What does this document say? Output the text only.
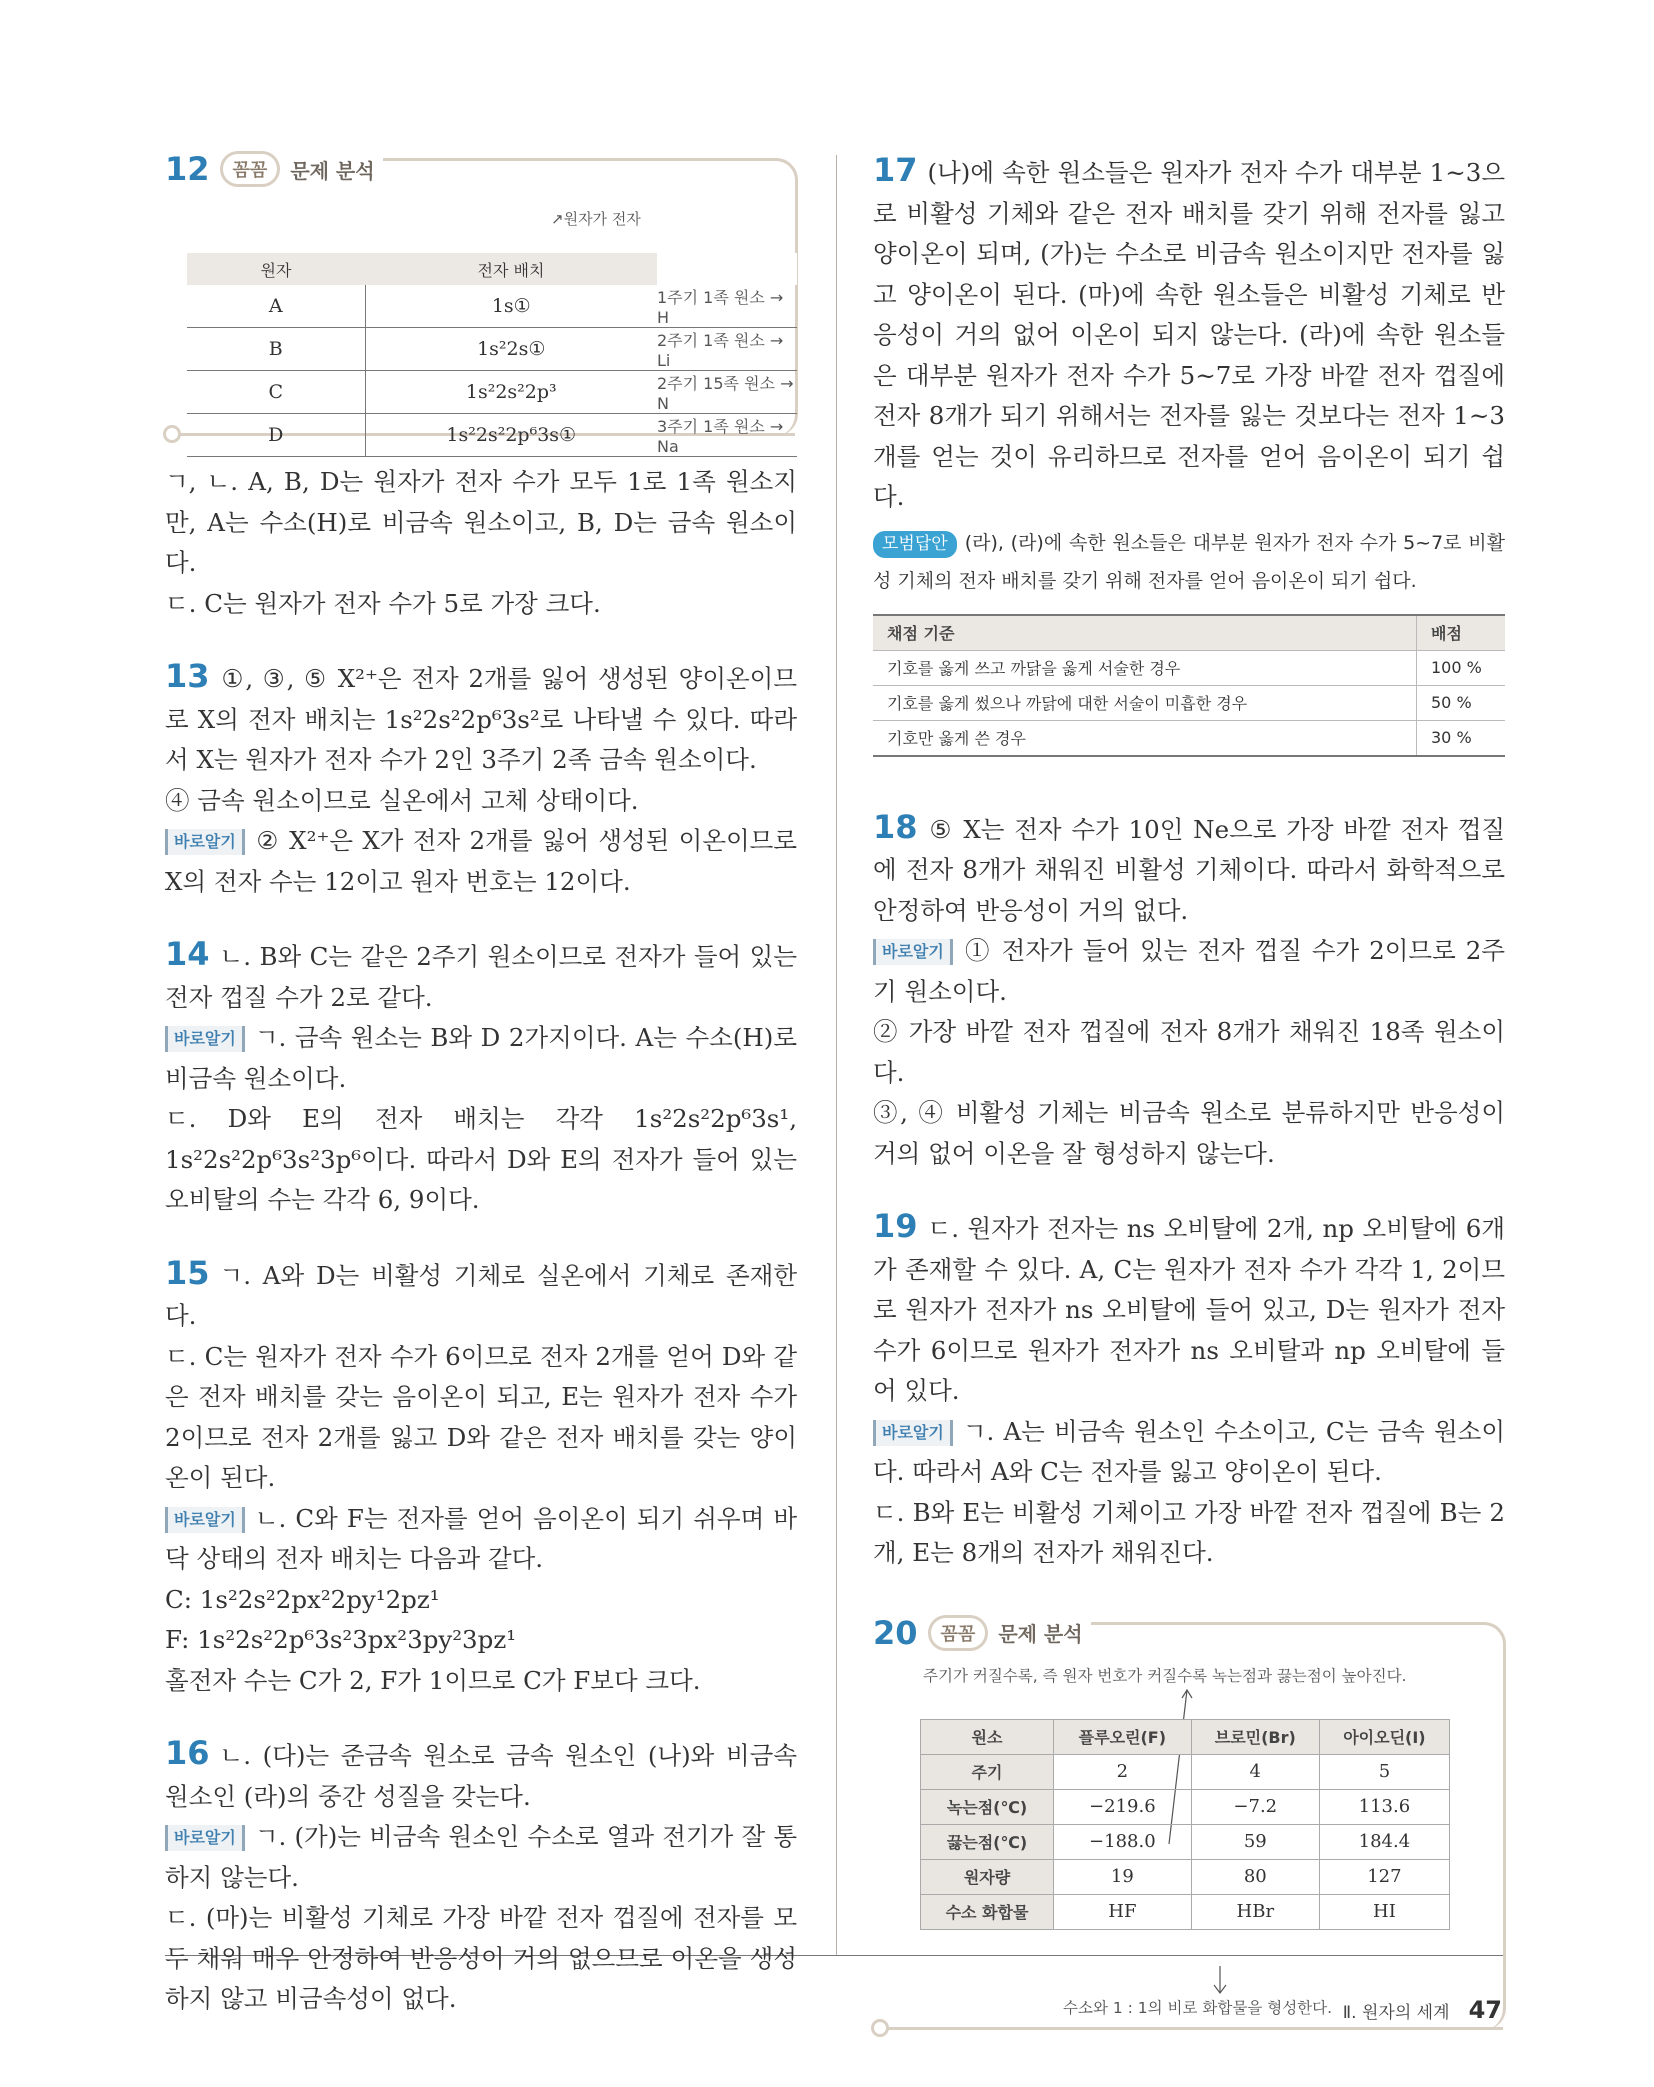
12	꼼꼼	문제 분석
↗원자가 전자
원자	전자 배치	
A	1s①	1주기 1족 원소 → H
B	1s²2s①	2주기 1족 원소 → Li
C	1s²2s²2p³	2주기 15족 원소 → N
D	1s²2s²2p⁶3s①	3주기 1족 원소 → Na

ㄱ, ㄴ. A, B, D는 원자가 전자 수가 모두 1로 1족 원소지만, A는 수소(H)로 비금속 원소이고, B, D는 금속 원소이다.

ㄷ. C는 원자가 전자 수가 5로 가장 크다.

13 ①, ③, ⑤ X²⁺은 전자 2개를 잃어 생성된 양이온이므로 X의 전자 배치는 1s²2s²2p⁶3s²로 나타낼 수 있다. 따라서 X는 원자가 전자 수가 2인 3주기 2족 금속 원소이다.

④ 금속 원소이므로 실온에서 고체 상태이다.

바로알기 ② X²⁺은 X가 전자 2개를 잃어 생성된 이온이므로 X의 전자 수는 12이고 원자 번호는 12이다.

14 ㄴ. B와 C는 같은 2주기 원소이므로 전자가 들어 있는 전자 껍질 수가 2로 같다.

바로알기 ㄱ. 금속 원소는 B와 D 2가지이다. A는 수소(H)로 비금속 원소이다.

ㄷ. D와 E의 전자 배치는 각각 1s²2s²2p⁶3s¹, 1s²2s²2p⁶3s²3p⁶이다. 따라서 D와 E의 전자가 들어 있는 오비탈의 수는 각각 6, 9이다.

15 ㄱ. A와 D는 비활성 기체로 실온에서 기체로 존재한다.

ㄷ. C는 원자가 전자 수가 6이므로 전자 2개를 얻어 D와 같은 전자 배치를 갖는 음이온이 되고, E는 원자가 전자 수가 2이므로 전자 2개를 잃고 D와 같은 전자 배치를 갖는 양이온이 된다.

바로알기 ㄴ. C와 F는 전자를 얻어 음이온이 되기 쉬우며 바닥 상태의 전자 배치는 다음과 같다.

C: 1s²2s²2px²2py¹2pz¹

F: 1s²2s²2p⁶3s²3px²3py²3pz¹

홀전자 수는 C가 2, F가 1이므로 C가 F보다 크다.

16 ㄴ. (다)는 준금속 원소로 금속 원소인 (나)와 비금속 원소인 (라)의 중간 성질을 갖는다.

바로알기 ㄱ. (가)는 비금속 원소인 수소로 열과 전기가 잘 통하지 않는다.

ㄷ. (마)는 비활성 기체로 가장 바깥 전자 껍질에 전자를 모두 채워 매우 안정하여 반응성이 거의 없으므로 이온을 생성하지 않고 비금속성이 없다.

17 (나)에 속한 원소들은 원자가 전자 수가 대부분 1~3으로 비활성 기체와 같은 전자 배치를 갖기 위해 전자를 잃고 양이온이 되며, (가)는 수소로 비금속 원소이지만 전자를 잃고 양이온이 된다. (마)에 속한 원소들은 비활성 기체로 반응성이 거의 없어 이온이 되지 않는다. (라)에 속한 원소들은 대부분 원자가 전자 수가 5~7로 가장 바깥 전자 껍질에 전자 8개가 되기 위해서는 전자를 잃는 것보다는 전자 1~3개를 얻는 것이 유리하므로 전자를 얻어 음이온이 되기 쉽다.

모범답안 (라), (라)에 속한 원소들은 대부분 원자가 전자 수가 5~7로 비활성 기체의 전자 배치를 갖기 위해 전자를 얻어 음이온이 되기 쉽다.

채점 기준	배점
기호를 옳게 쓰고 까닭을 옳게 서술한 경우	100 %
기호를 옳게 썼으나 까닭에 대한 서술이 미흡한 경우	50 %
기호만 옳게 쓴 경우	30 %

18 ⑤ X는 전자 수가 10인 Ne으로 가장 바깥 전자 껍질에 전자 8개가 채워진 비활성 기체이다. 따라서 화학적으로 안정하여 반응성이 거의 없다.

바로알기 ① 전자가 들어 있는 전자 껍질 수가 2이므로 2주기 원소이다.

② 가장 바깥 전자 껍질에 전자 8개가 채워진 18족 원소이다.

③, ④ 비활성 기체는 비금속 원소로 분류하지만 반응성이 거의 없어 이온을 잘 형성하지 않는다.

19 ㄷ. 원자가 전자는 ns 오비탈에 2개, np 오비탈에 6개가 존재할 수 있다. A, C는 원자가 전자 수가 각각 1, 2이므로 원자가 전자가 ns 오비탈에 들어 있고, D는 원자가 전자 수가 6이므로 원자가 전자가 ns 오비탈과 np 오비탈에 들어 있다.

바로알기 ㄱ. A는 비금속 원소인 수소이고, C는 금속 원소이다. 따라서 A와 C는 전자를 잃고 양이온이 된다.

ㄷ. B와 E는 비활성 기체이고 가장 바깥 전자 껍질에 B는 2개, E는 8개의 전자가 채워진다.

20	꼼꼼	문제 분석
주기가 커질수록, 즉 원자 번호가 커질수록 녹는점과 끓는점이 높아진다.
원소	플루오린(F)	브로민(Br)	아이오딘(I)
주기	2	4	5
녹는점(℃)	−219.6	−7.2	113.6
끓는점(℃)	−188.0	59	184.4
원자량	19	80	127
수소 화합물	HF	HBr	HI
수소와 1 : 1의 비로 화합물을 형성한다. Ⅱ. 원자의 세계 47
